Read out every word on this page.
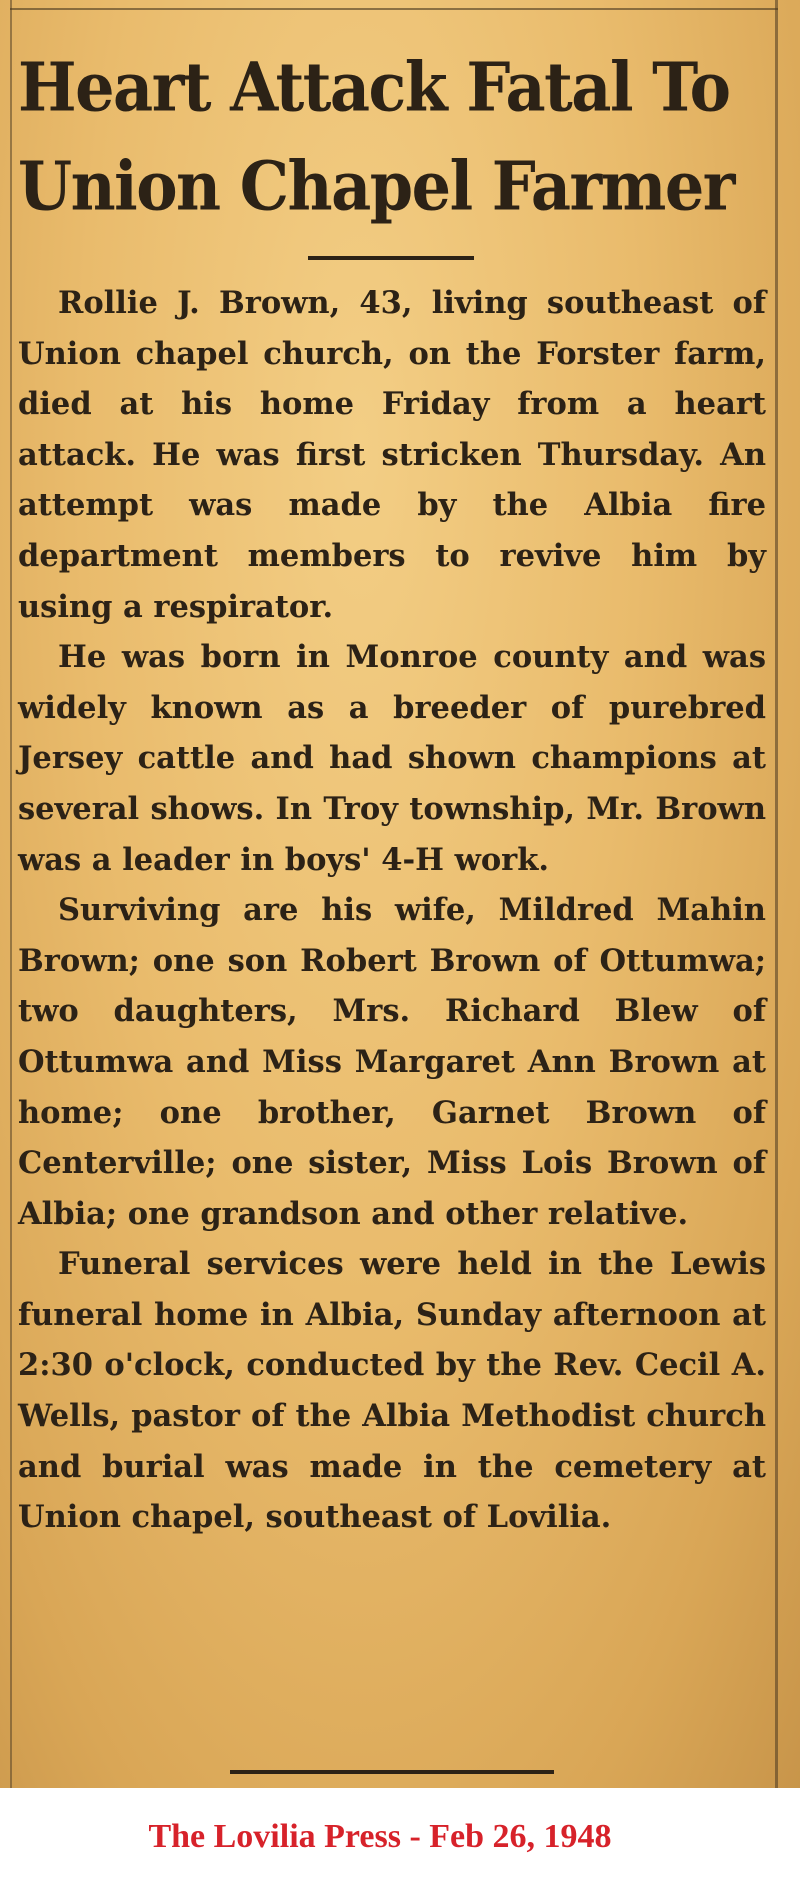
Heart Attack Fatal To
Union Chapel Farmer

Rollie J. Brown, 43, living southeast of Union chapel church, on the Forster farm, died at his home Friday from a heart attack. He was first stricken Thursday. An attempt was made by the Albia fire department members to revive him by using a respirator.

He was born in Monroe county and was widely known as a breeder of purebred Jersey cattle and had shown champions at several shows. In Troy township, Mr. Brown was a leader in boys' 4-H work.

Surviving are his wife, Mildred Mahin Brown; one son Robert Brown of Ottumwa; two daughters, Mrs. Richard Blew of Ottumwa and Miss Margaret Ann Brown at home; one brother, Garnet Brown of Centerville; one sister, Miss Lois Brown of Albia; one grandson and other relative.

Funeral services were held in the Lewis funeral home in Albia, Sunday afternoon at 2:30 o'clock, conducted by the Rev. Cecil A. Wells, pastor of the Albia Methodist church and burial was made in the cemetery at Union chapel, southeast of Lovilia.

The Lovilia Press - Feb 26, 1948
